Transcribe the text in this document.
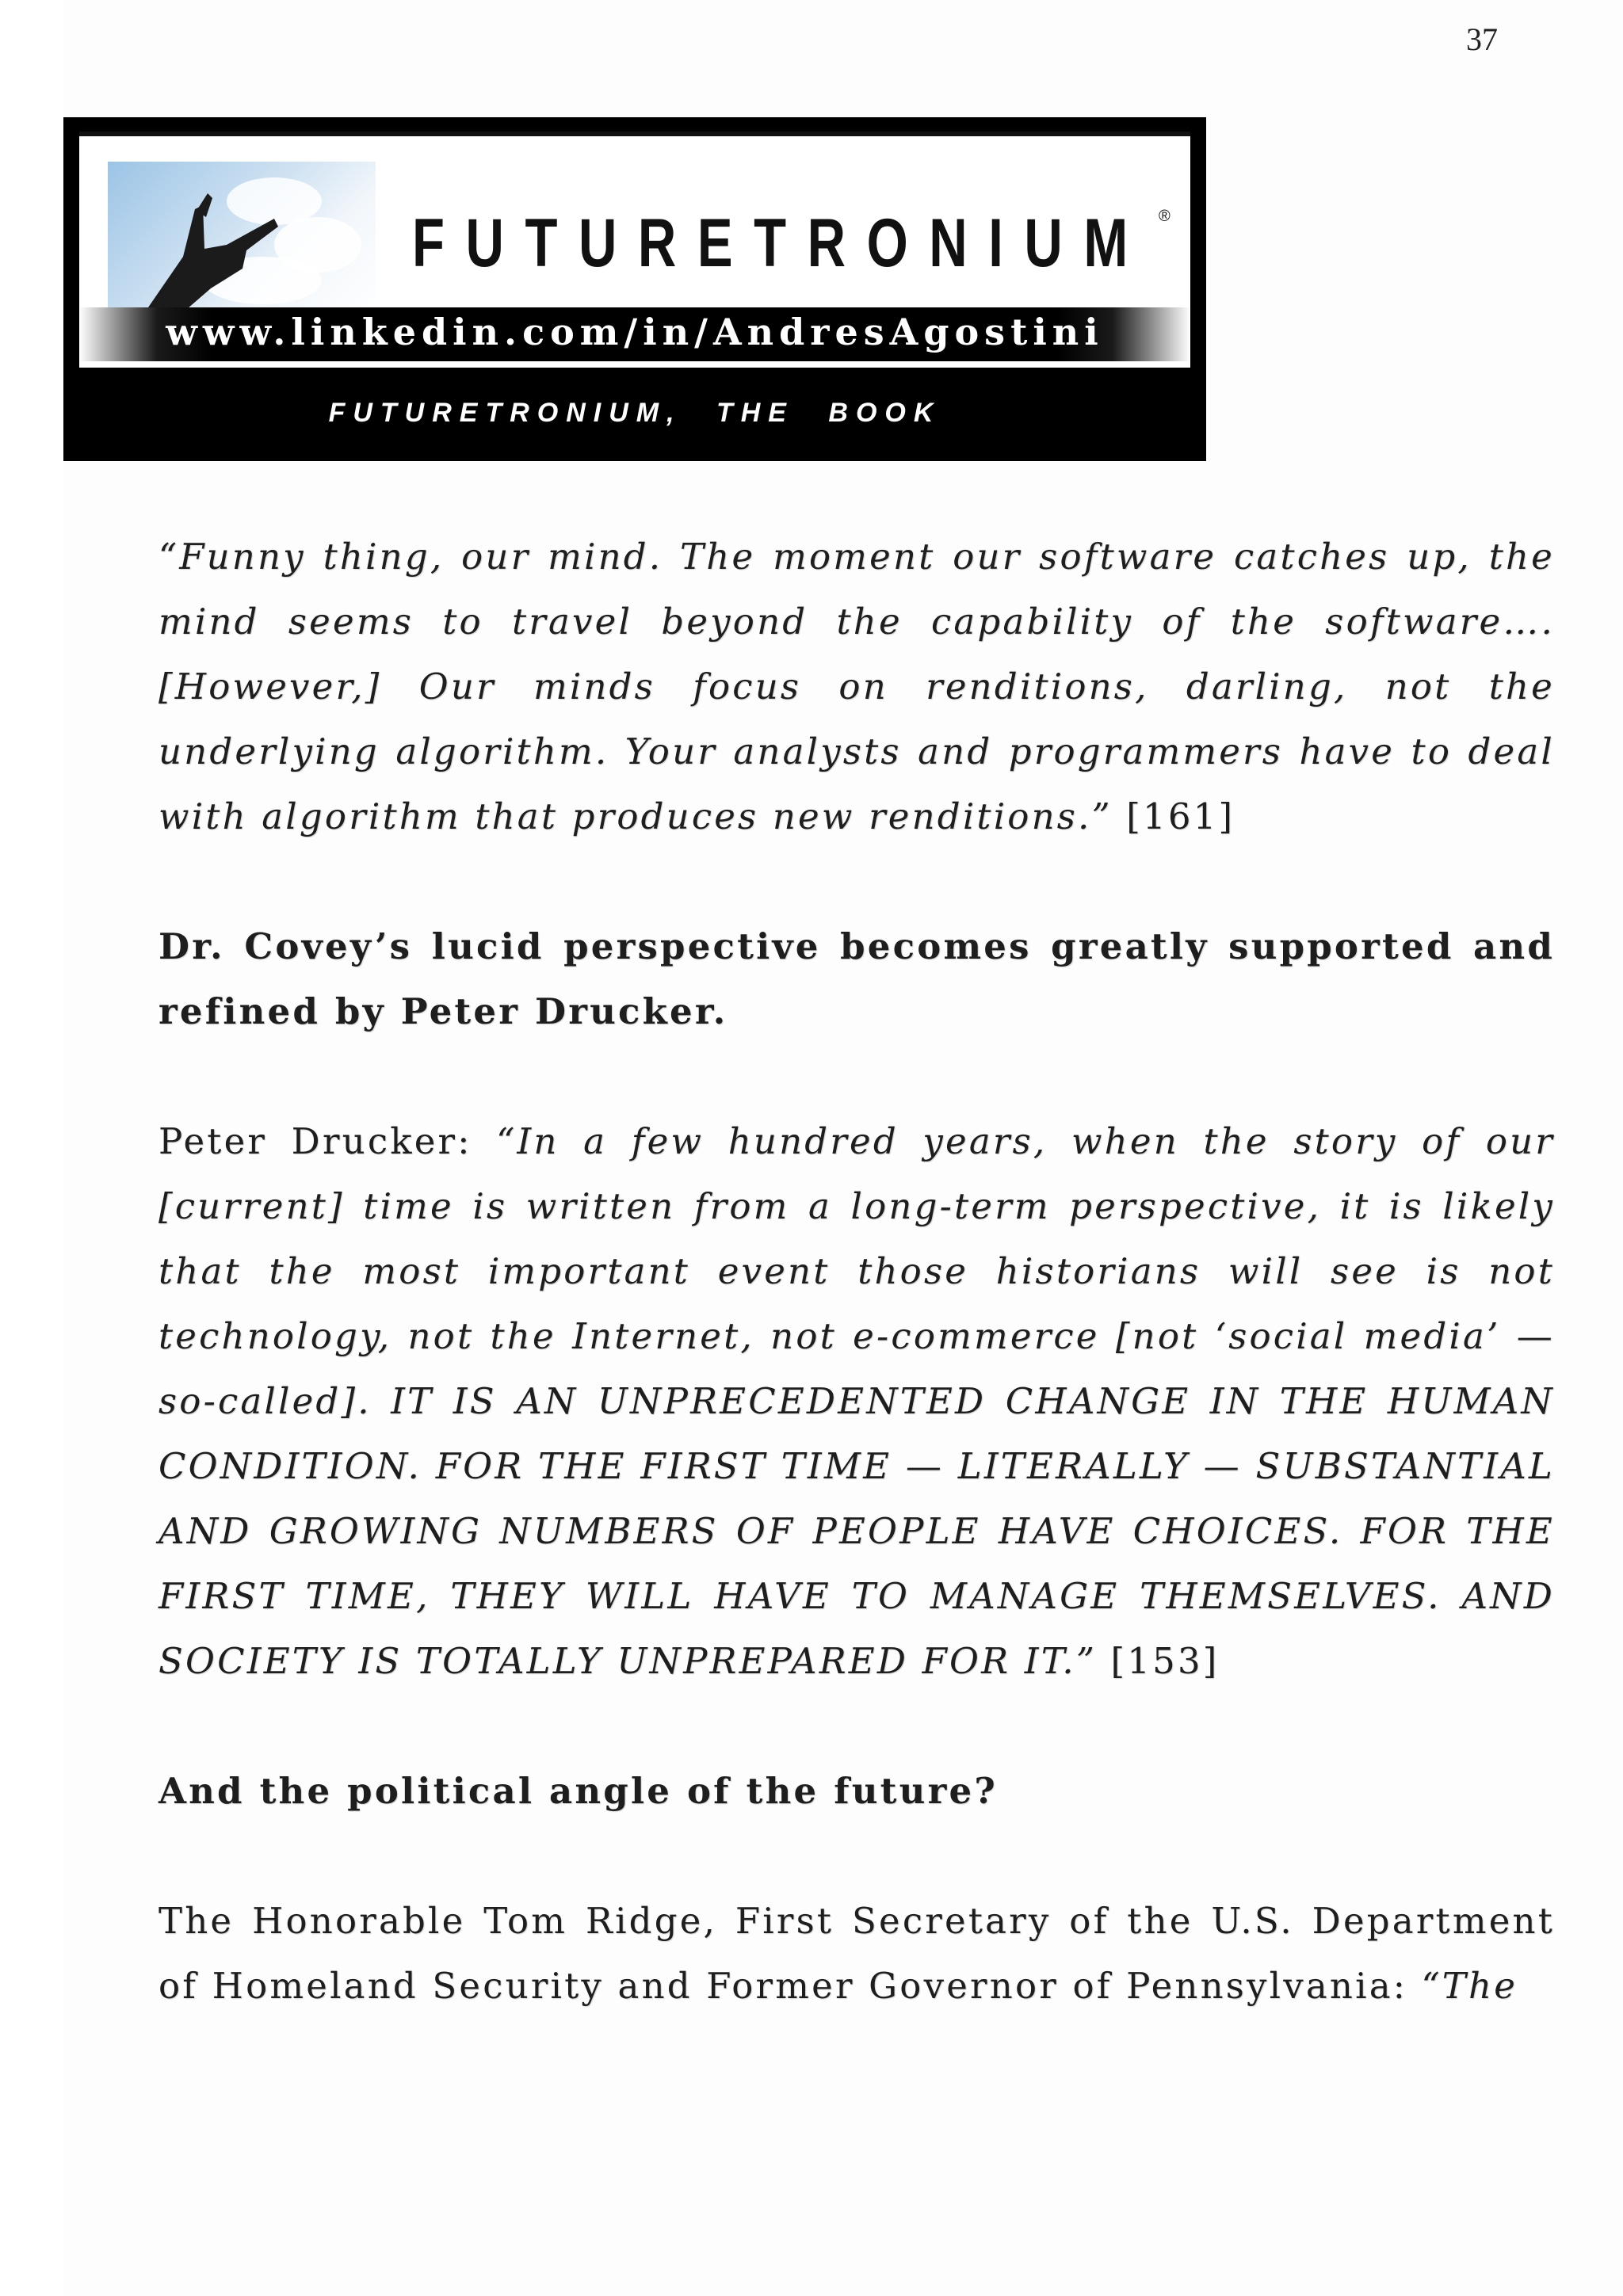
37
FUTURETRONIUM ®
www.linkedin.com/in/AndresAgostini
FUTURETRONIUM, THE BOOK

“Funny thing, our mind. The moment our software catches up, the mind seems to travel beyond the capability of the software…. [However,] Our minds focus on renditions, darling, not the underlying algorithm. Your analysts and programmers have to deal with algorithm that produces new renditions.” [161]

Dr. Covey’s lucid perspective becomes greatly supported and refined by Peter Drucker.

Peter Drucker: “In a few hundred years, when the story of our [current] time is written from a long-term perspective, it is likely that the most important event those historians will see is not technology, not the Internet, not e-commerce [not ‘social media’ — so-called]. IT IS AN UNPRECEDENTED CHANGE IN THE HUMAN CONDITION. FOR THE FIRST TIME — LITERALLY — SUBSTANTIAL AND GROWING NUMBERS OF PEOPLE HAVE CHOICES. FOR THE FIRST TIME, THEY WILL HAVE TO MANAGE THEMSELVES. AND SOCIETY IS TOTALLY UNPREPARED FOR IT.” [153]

And the political angle of the future?

The Honorable Tom Ridge, First Secretary of the U.S. Department of Homeland Security and Former Governor of Pennsylvania: “The
